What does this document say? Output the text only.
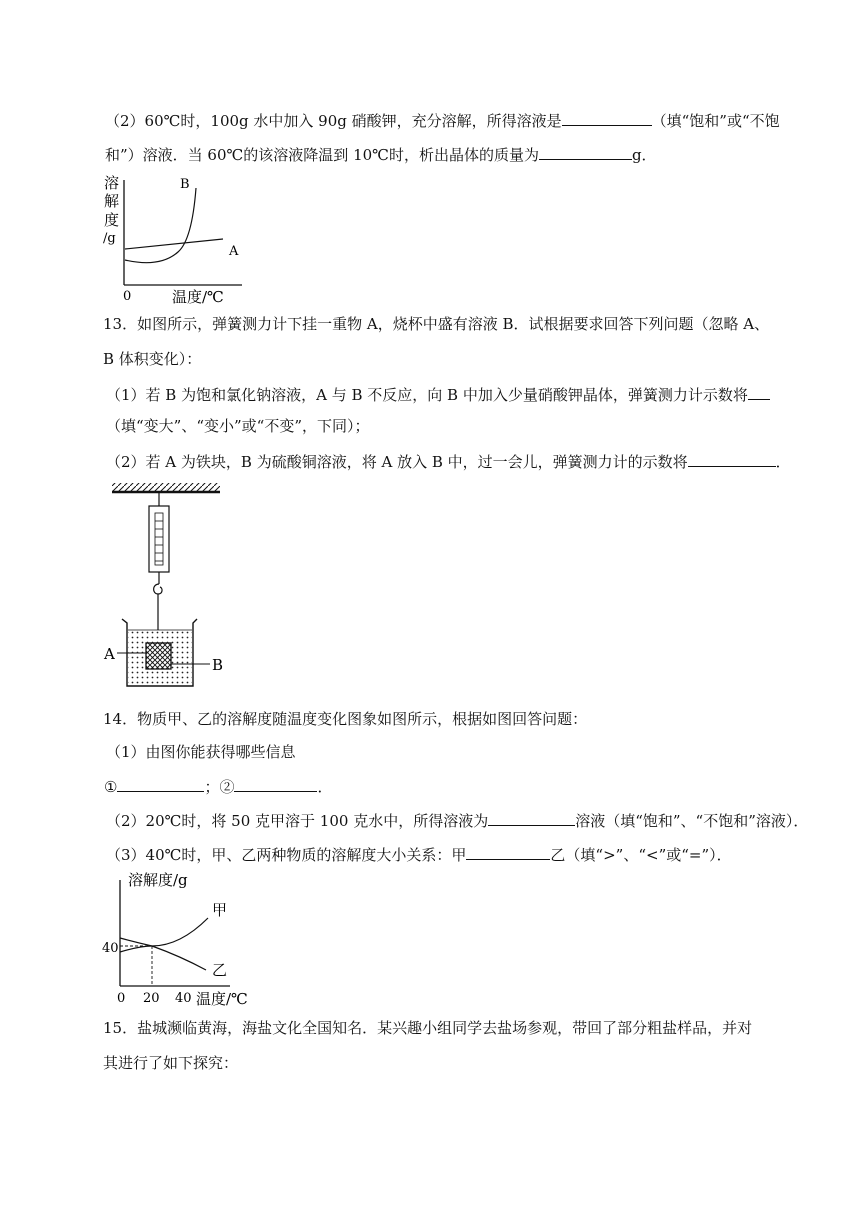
（2）60℃时，100g 水中加入 90g 硝酸钾，充分溶解，所得溶液是	（填“饱和”或“不饱
和”）溶液．当 60℃的该溶液降温到 10℃时，析出晶体的质量为	g．
溶
解
度
/g
B
A
0	温度/℃
13．如图所示，弹簧测力计下挂一重物 A，烧杯中盛有溶液 B．试根据要求回答下列问题（忽略 A、
B 体积变化）：
（1）若 B 为饱和氯化钠溶液，A 与 B 不反应，向 B 中加入少量硝酸钾晶体，弹簧测力计示数将
（填“变大”、“变小”或“不变”，下同）；
（2）若 A 为铁块，B 为硫酸铜溶液，将 A 放入 B 中，过一会儿，弹簧测力计的示数将	．
A
B
14．物质甲、乙的溶解度随温度变化图象如图所示，根据如图回答问题：
（1）由图你能获得哪些信息
①	；②	．
（2）20℃时，将 50 克甲溶于 100 克水中，所得溶液为	溶液（填“饱和”、“不饱和”溶液）．
（3）40℃时，甲、乙两种物质的溶解度大小关系：甲	乙（填“>”、“<”或“=”）．
溶解度/g
40
0 20 40 温度/℃
甲
乙
15．盐城濒临黄海，海盐文化全国知名．某兴趣小组同学去盐场参观，带回了部分粗盐样品，并对
其进行了如下探究：
